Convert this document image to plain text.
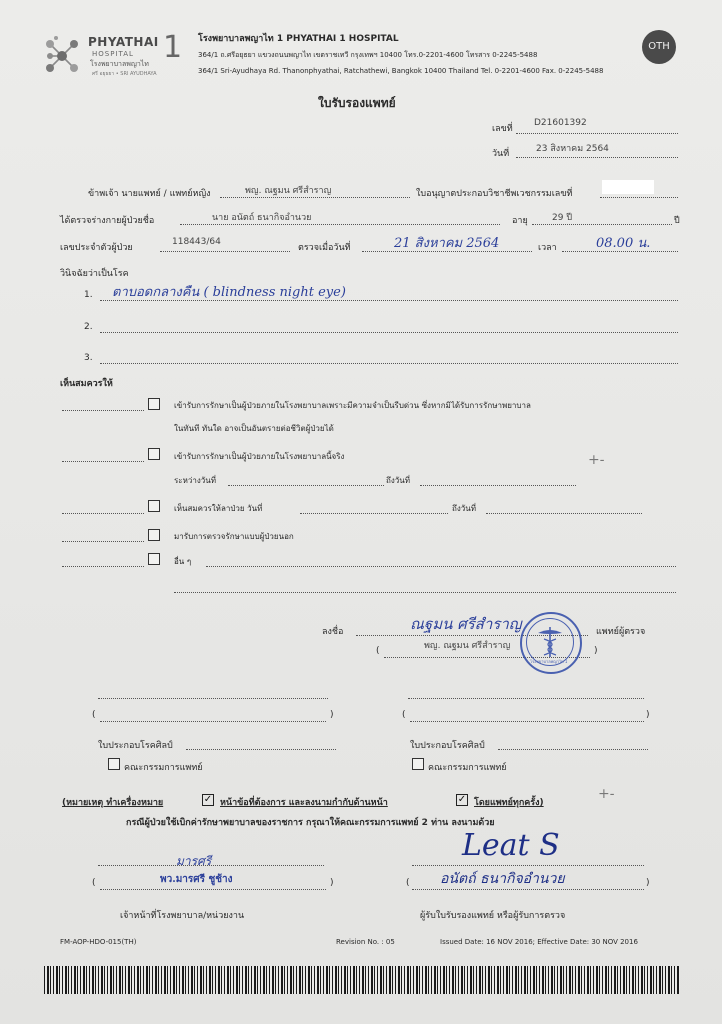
PHYATHAI
HOSPITAL 1
โรงพยาบาลพญาไท
ศรี อยุธยา • SRI AYUDHAYA
โรงพยาบาลพญาไท 1 PHYATHAI 1 HOSPITAL
364/1 ถ.ศรีอยุธยา แขวงถนนพญาไท เขตราชเทวี กรุงเทพฯ 10400 โทร.0-2201-4600 โทรสาร 0-2245-5488
364/1 Sri-Ayudhaya Rd. Thanonphyathai, Ratchathewi, Bangkok 10400 Thailand Tel. 0-2201-4600 Fax. 0-2245-5488
OTH
ใบรับรองแพทย์
เลขที่
D21601392
วันที่	23 สิงหาคม 2564
ข้าพเจ้า นายแพทย์ / แพทย์หญิง	พญ. ณฐมน ศรีสำราญ	ใบอนุญาตประกอบวิชาชีพเวชกรรมเลขที่
ได้ตรวจร่างกายผู้ป่วยชื่อ	นาย อนัตถ์ ธนากิจอำนวย	อายุ	29 ปี	ปี
เลขประจำตัวผู้ป่วย
118443/64
ตรวจเมื่อวันที่	21 สิงหาคม 2564	เวลา	08.00 น.
วินิจฉัยว่าเป็นโรค
1. ตาบอดกลางคืน ( blindness night eye)
2.
3.
เห็นสมควรให้
เข้ารับการรักษาเป็นผู้ป่วยภายในโรงพยาบาลเพราะมีความจำเป็นรีบด่วน ซึ่งหากมิได้รับการรักษาพยาบาล
ในทันที ทันใด อาจเป็นอันตรายต่อชีวิตผู้ป่วยได้
เข้ารับการรักษาเป็นผู้ป่วยภายในโรงพยาบาลนี้จริง	+-
ระหว่างวันที่	ถึงวันที่
เห็นสมควรให้ลาป่วย วันที่	ถึงวันที่
มารับการตรวจรักษาแบบผู้ป่วยนอก
อื่น ๆ
ลงชื่อ	ณฐมน ศรีสำราญ	แพทย์ผู้ตรวจ
(	พญ. ณฐมน ศรีสำราญ	)
โรงพยาบาลพญาไท 1
(	)
ใบประกอบโรคศิลป์
คณะกรรมการแพทย์
(	)
ใบประกอบโรคศิลป์
คณะกรรมการแพทย์
(หมายเหตุ ทำเครื่องหมาย	✓ หน้าข้อที่ต้องการ และลงนามกำกับด้านหน้า	✓ โดยแพทย์ทุกครั้ง)
+-
กรณีผู้ป่วยใช้เบิกค่ารักษาพยาบาลของราชการ กรุณาให้คณะกรรมการแพทย์ 2 ท่าน ลงนามด้วย
มารศรี
(	พว.มารศรี ชูช้าง	)
เจ้าหน้าที่โรงพยาบาล/หน่วยงาน
Leat S
( อนัตถ์ ธนากิจอำนวย	)
ผู้รับใบรับรองแพทย์ หรือผู้รับการตรวจ
FM-AOP-HDO-015(TH)	Revision No. : 05	Issued Date: 16 NOV 2016; Effective Date: 30 NOV 2016
